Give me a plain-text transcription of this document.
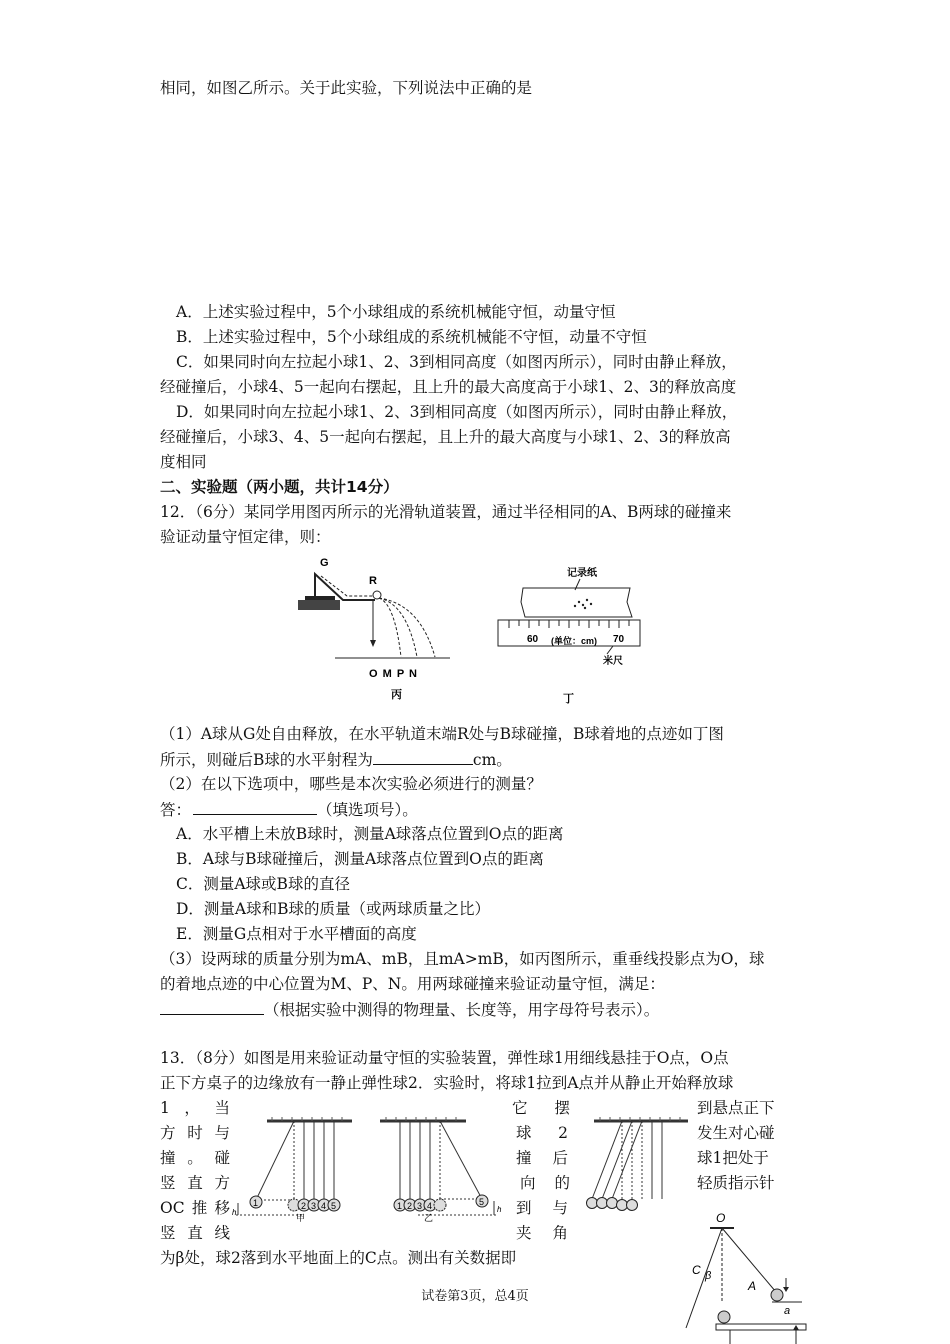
相同，如图乙所示。关于此实验，下列说法中正确的是
A．上述实验过程中，5个小球组成的系统机械能守恒，动量守恒
B．上述实验过程中，5个小球组成的系统机械能不守恒，动量不守恒
C．如果同时向左拉起小球1、2、3到相同高度（如图丙所示），同时由静止释放，
经碰撞后，小球4、5一起向右摆起，且上升的最大高度高于小球1、2、3的释放高度
D．如果同时向左拉起小球1、2、3到相同高度（如图丙所示），同时由静止释放，
经碰撞后，小球3、4、5一起向右摆起，且上升的最大高度与小球1、2、3的释放高
度相同
二、实验题（两小题，共计14分）
12．（6分）某同学用图丙所示的光滑轨道装置，通过半径相同的A、B两球的碰撞来
验证动量守恒定律，则：
G
R
O M P N
丙
记录纸
60 (单位：cm) 70
米尺
丁
（1）A球从G处自由释放，在水平轨道末端R处与B球碰撞，B球着地的点迹如丁图
所示，则碰后B球的水平射程为	cm。
（2）在以下选项中，哪些是本次实验必须进行的测量？
答：	（填选项号）。
A．水平槽上未放B球时，测量A球落点位置到O点的距离
B．A球与B球碰撞后，测量A球落点位置到O点的距离
C．测量A球或B球的直径
D．测量A球和B球的质量（或两球质量之比）
E．测量G点相对于水平槽面的高度
（3）设两球的质量分别为mA、mB，且mA>mB，如丙图所示，重垂线投影点为O，球
的着地点迹的中心位置为M、P、N。用两球碰撞来验证动量守恒，满足：
（根据实验中测得的物理量、长度等，用字母符号表示）。
13．（8分）如图是用来验证动量守恒的实验装置，弹性球1用细线悬挂于O点，O点
正下方桌子的边缘放有一静止弹性球2．实验时，将球1拉到A点并从静止开始释放球
1 ， 当	它 摆	到悬点正下
方 时 与	球 2	发生对心碰
撞 。 碰	撞 后	球1把处于
竖 直 方	向 的	轻质指示针
OC 推 移	到 与
竖 直 线	夹 角
为β处，球2落到水平地面上的C点。测出有关数据即
1	2 3 4 5
h
甲
1 2 3 4	5
h
乙	O
C β
A
a
试卷第3页，总4页
